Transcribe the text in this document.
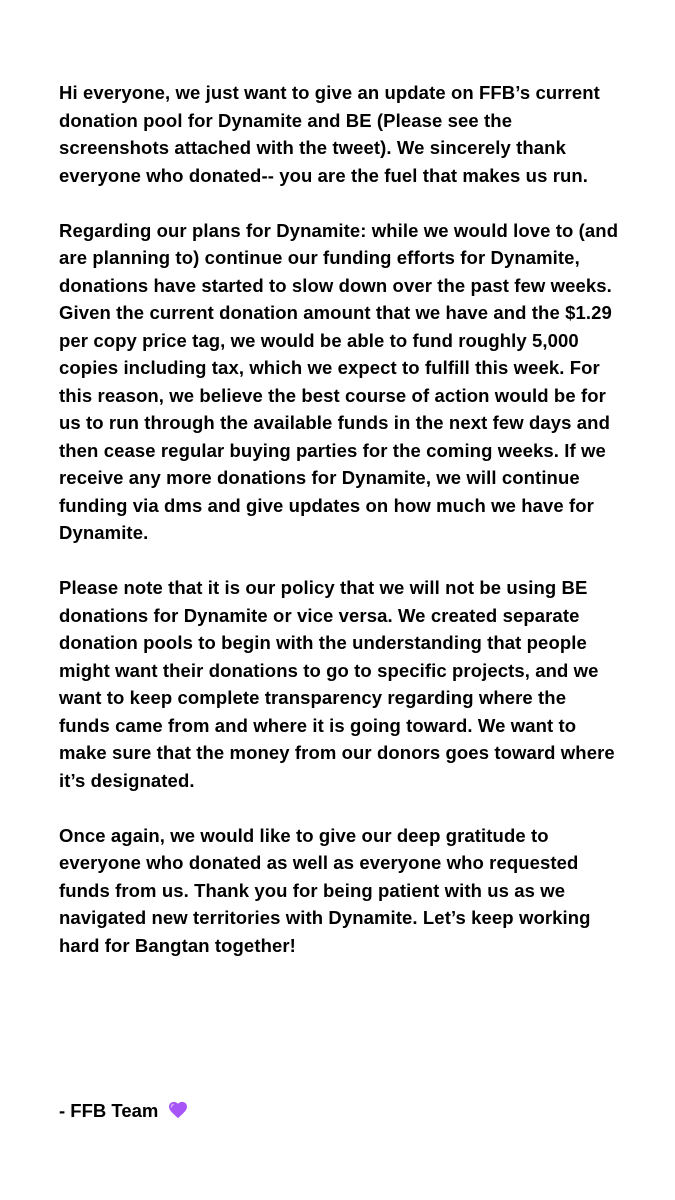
Hi everyone, we just want to give an update on FFB’s current donation pool for Dynamite and BE (Please see the screenshots attached with the tweet). We sincerely thank everyone who donated-- you are the fuel that makes us run.

Regarding our plans for Dynamite: while we would love to (and are planning to) continue our funding efforts for Dynamite, donations have started to slow down over the past few weeks. Given the current donation amount that we have and the $1.29 per copy price tag, we would be able to fund roughly 5,000 copies including tax, which we expect to fulfill this week. For this reason, we believe the best course of action would be for us to run through the available funds in the next few days and then cease regular buying parties for the coming weeks. If we receive any more donations for Dynamite, we will continue funding via dms and give updates on how much we have for Dynamite.

Please note that it is our policy that we will not be using BE donations for Dynamite or vice versa. We created separate donation pools to begin with the understanding that people might want their donations to go to specific projects, and we want to keep complete transparency regarding where the funds came from and where it is going toward. We want to make sure that the money from our donors goes toward where it’s designated.

Once again, we would like to give our deep gratitude to everyone who donated as well as everyone who requested funds from us. Thank you for being patient with us as we navigated new territories with Dynamite. Let’s keep working hard for Bangtan together!

- FFB Team
